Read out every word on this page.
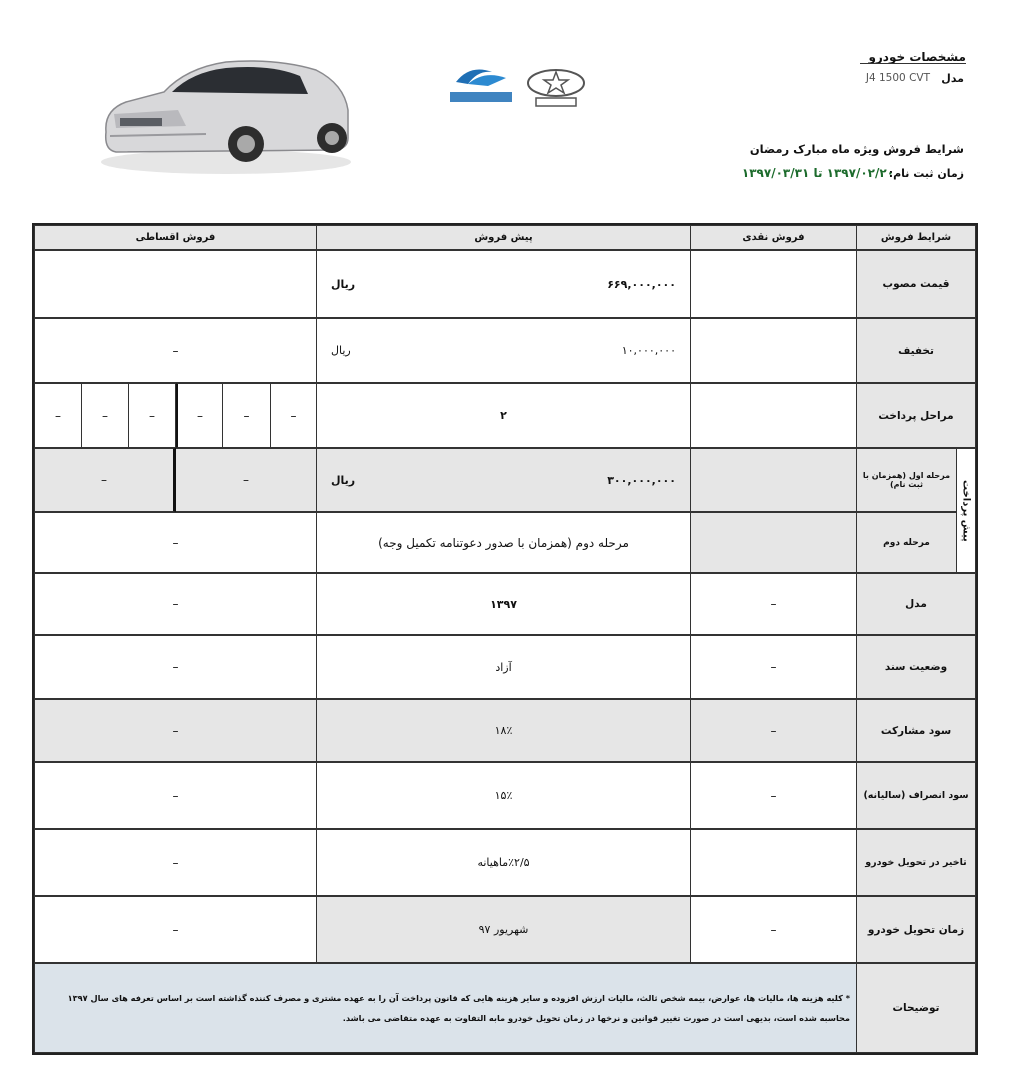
مشخصات خودرو
مدل
J4 1500 CVT
شرایط فروش ویژه ماه مبارک رمضان
زمان ثبت نام:
۱۳۹۷/۰۲/۲۰ تا ۱۳۹۷/۰۳/۳۱
شرایط فروش
فروش نقدی
پیش فروش
فروش اقساطی
قیمت مصوب
۶۶۹,۰۰۰,۰۰۰
ریال
تخفیف
۱۰,۰۰۰,۰۰۰
ریال
–
مراحل پرداخت
۲
–
–
–
–
–
–
پیش پرداخت
مرحله اول (همزمان با ثبت نام)
۳۰۰,۰۰۰,۰۰۰
ریال
–
–
مرحله دوم
مرحله دوم (همزمان با صدور دعوتنامه تکمیل وجه)
–
مدل
–
۱۳۹۷
–
وضعیت سند
–
آزاد
–
سود مشارکت
–
۱۸٪
–
سود انصراف (سالیانه)
–
۱۵٪
–
تاخیر در تحویل خودرو
٪۲/۵ماهیانه
–
زمان تحویل خودرو
–
شهریور ۹۷
–
توضیحات
* کلیه هزینه ها، مالیات ها، عوارض، بیمه شخص ثالث، مالیات ارزش افزوده و سایر هزینه هایی که قانون پرداخت آن را به عهده مشتری و مصرف کننده گذاشته است بر اساس تعرفه های سال ۱۳۹۷ محاسبه شده است، بدیهی است در صورت تغییر قوانین و نرخها در زمان تحویل خودرو مابه التفاوت به عهده متقاضی می باشد.
